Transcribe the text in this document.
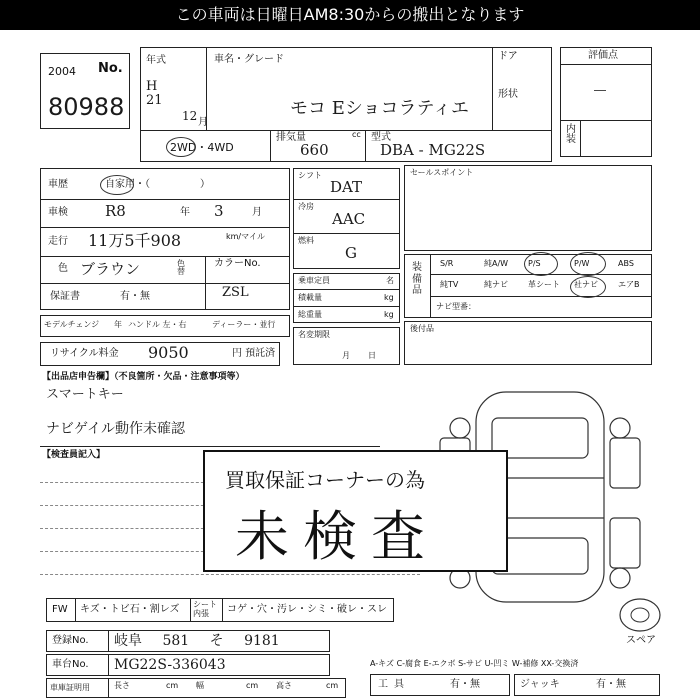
この車両は日曜日AM8:30からの搬出となります
2004 No.
80988
年式
H
21
12 月
車名・グレード
モコ Eショコラティエ
ドア
形状
2WD・4WD
排気量	cc
660
型式
DBA - MG22S
評価点
―
内装
車歴	自家用・（　　　　　）
車検 R8	年 3	月
走行 11万5千908	km/マイル
色 ブラウン	色替
カラーNo.
ZSL
保証書	有・無
モデルチェンジ 年 ハンドル 左・右	ディーラー・並行
リサイクル料金 9050	円 預託済
シフト
DAT
冷房
AAC
燃料
G
乗車定員	名
積載量	kg
総重量	kg
名変期限
月日
セールスポイント
装備品
S/R	純A/W P/S	P/W	ABS
純TV	純ナビ	革シート 社ナビ	エアB
ナビ型番：
後付品
【出品店申告欄】（不良箇所・欠品・注意事項等）
スマートキー
ナビゲイル動作未確認
【検査員記入】
スペア
買取保証コーナーの為
未検査
FW キズ・トビ石・割レズ シート内張	コゲ・穴・汚レ・シミ・破レ・スレ
登録No. 岐阜 581 そ 9181
車台No. MG22S-336043
車庫証明用	長さ	cm 幅	cm 高さ	cm
A-キズ C-腐食 E-エクボ S-サビ U-凹ミ W-補修 XX-交換済
工具	有・無	ジャッキ	有・無
